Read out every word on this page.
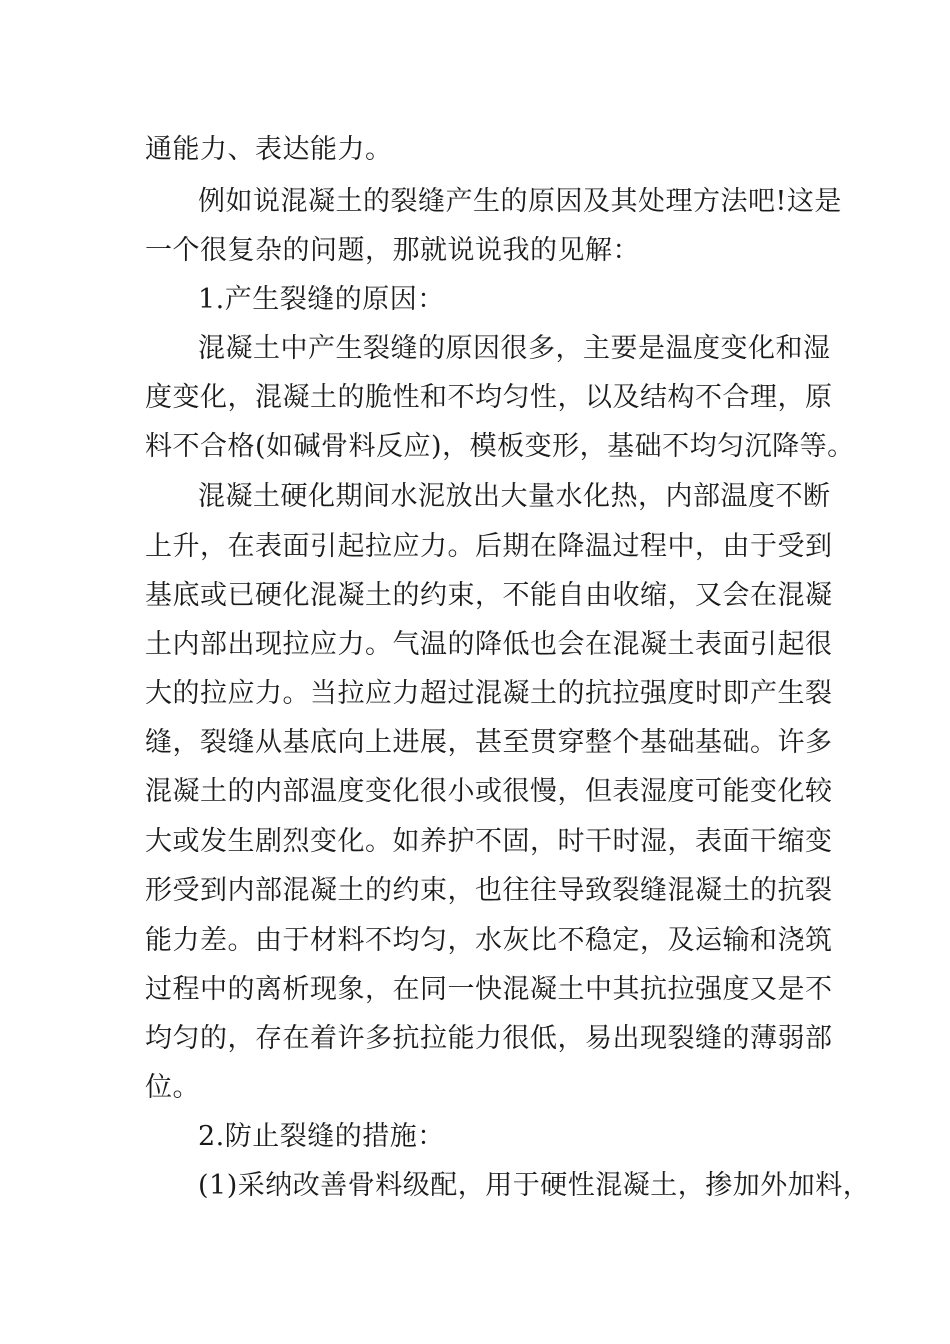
通能力、表达能力。
例如说混凝土的裂缝产生的原因及其处理方法吧!这是
一个很复杂的问题，那就说说我的见解：
1.产生裂缝的原因：
混凝土中产生裂缝的原因很多，主要是温度变化和湿
度变化，混凝土的脆性和不均匀性，以及结构不合理，原
料不合格(如碱骨料反应)，模板变形，基础不均匀沉降等。
混凝土硬化期间水泥放出大量水化热，内部温度不断
上升，在表面引起拉应力。后期在降温过程中，由于受到
基底或已硬化混凝土的约束，不能自由收缩，又会在混凝
土内部出现拉应力。气温的降低也会在混凝土表面引起很
大的拉应力。当拉应力超过混凝土的抗拉强度时即产生裂
缝，裂缝从基底向上进展，甚至贯穿整个基础基础。许多
混凝土的内部温度变化很小或很慢，但表湿度可能变化较
大或发生剧烈变化。如养护不固，时干时湿，表面干缩变
形受到内部混凝土的约束，也往往导致裂缝混凝土的抗裂
能力差。由于材料不均匀，水灰比不稳定，及运输和浇筑
过程中的离析现象，在同一快混凝土中其抗拉强度又是不
均匀的，存在着许多抗拉能力很低，易出现裂缝的薄弱部
位。
2.防止裂缝的措施：
(1)采纳改善骨料级配，用于硬性混凝土，掺加外加料，
